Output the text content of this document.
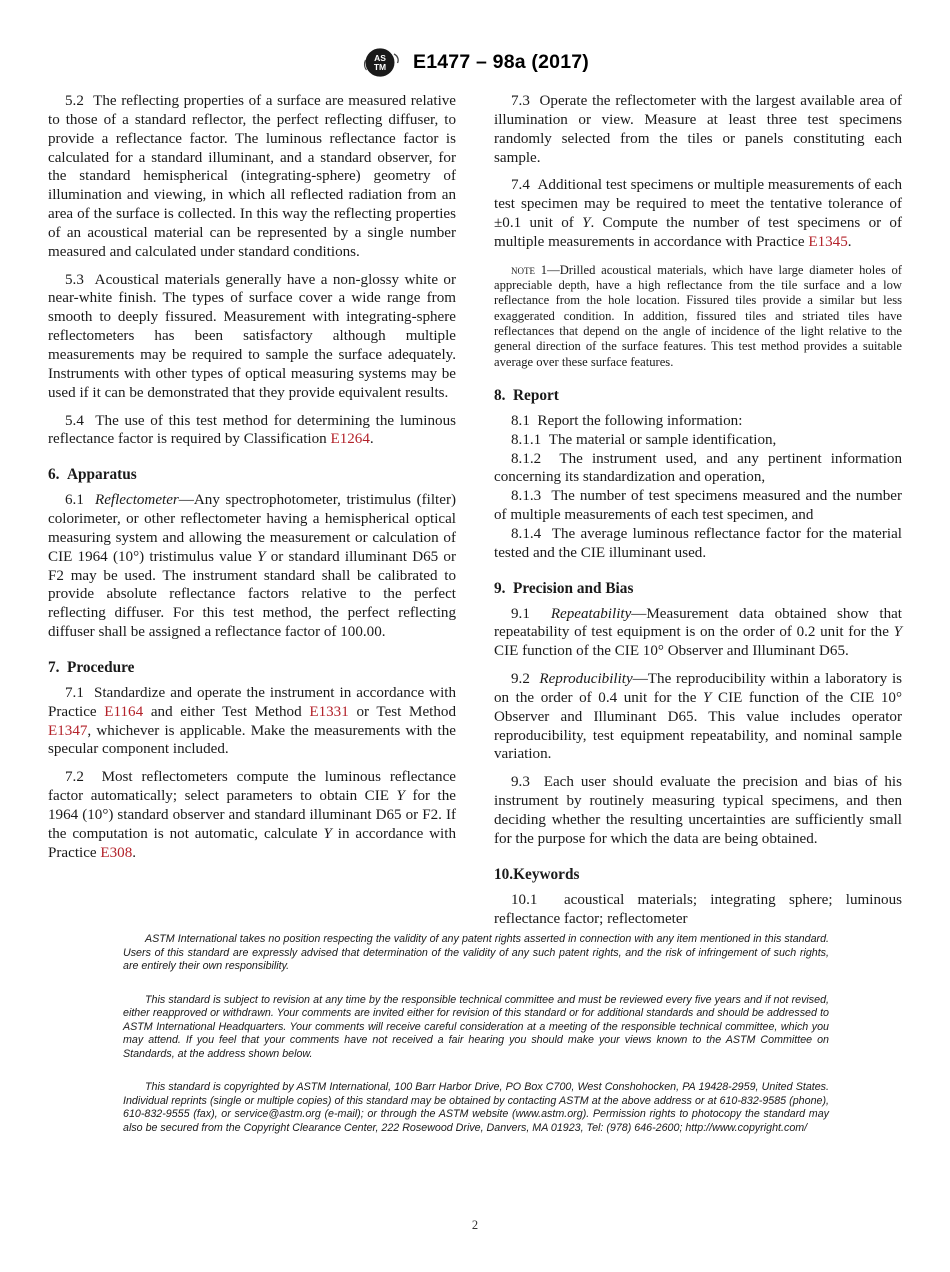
AS
TM E1477 – 98a (2017)

5.2 The reflecting properties of a surface are measured relative to those of a standard reflector, the perfect reflecting diffuser, to provide a reflectance factor. The luminous reflectance factor is calculated for a standard illuminant, and a standard observer, for the standard hemispherical (integrating-sphere) geometry of illumination and viewing, in which all reflected radiation from an area of the surface is collected. In this way the reflecting properties of an acoustical material can be represented by a single number measured and calculated under standard conditions.

5.3 Acoustical materials generally have a non-glossy white or near-white finish. The types of surface cover a wide range from smooth to deeply fissured. Measurement with integrating-sphere reflectometers has been satisfactory although multiple measurements may be required to sample the surface adequately. Instruments with other types of optical measuring systems may be used if it can be demonstrated that they provide equivalent results.

5.4 The use of this test method for determining the luminous reflectance factor is required by Classification E1264.

6. Apparatus

6.1 Reflectometer—Any spectrophotometer, tristimulus (filter) colorimeter, or other reflectometer having a hemispherical optical measuring system and allowing the measurement or calculation of CIE 1964 (10°) tristimulus value Y or standard illuminant D65 or F2 may be used. The instrument standard shall be calibrated to provide absolute reflectance factors relative to the perfect reflecting diffuser. For this test method, the perfect reflecting diffuser shall be assigned a reflectance factor of 100.00.

7. Procedure

7.1 Standardize and operate the instrument in accordance with Practice E1164 and either Test Method E1331 or Test Method E1347, whichever is applicable. Make the measurements with the specular component included.

7.2 Most reflectometers compute the luminous reflectance factor automatically; select parameters to obtain CIE Y for the 1964 (10°) standard observer and standard illuminant D65 or F2. If the computation is not automatic, calculate Y in accordance with Practice E308.

7.3 Operate the reflectometer with the largest available area of illumination or view. Measure at least three test specimens randomly selected from the tiles or panels constituting each sample.

7.4 Additional test specimens or multiple measurements of each test specimen may be required to meet the tentative tolerance of ±0.1 unit of Y. Compute the number of test specimens or of multiple measurements in accordance with Practice E1345.

note 1—Drilled acoustical materials, which have large diameter holes of appreciable depth, have a high reflectance from the tile surface and a low reflectance from the hole location. Fissured tiles provide a similar but less exaggerated condition. In addition, fissured tiles and striated tiles have reflectances that depend on the angle of incidence of the light relative to the general direction of the surface features. This test method provides a suitable average over these surface features.

8. Report

8.1 Report the following information:

8.1.1 The material or sample identification,

8.1.2 The instrument used, and any pertinent information concerning its standardization and operation,

8.1.3 The number of test specimens measured and the number of multiple measurements of each test specimen, and

8.1.4 The average luminous reflectance factor for the material tested and the CIE illuminant used.

9. Precision and Bias

9.1 Repeatability—Measurement data obtained show that repeatability of test equipment is on the order of 0.2 unit for the Y CIE function of the CIE 10° Observer and Illuminant D65.

9.2 Reproducibility—The reproducibility within a laboratory is on the order of 0.4 unit for the Y CIE function of the CIE 10° Observer and Illuminant D65. This value includes operator reproducibility, test equipment repeatability, and nominal sample variation.

9.3 Each user should evaluate the precision and bias of his instrument by routinely measuring typical specimens, and then deciding whether the resulting uncertainties are sufficiently small for the purpose for which the data are being obtained.

10.Keywords

10.1 acoustical materials; integrating sphere; luminous reflectance factor; reflectometer

ASTM International takes no position respecting the validity of any patent rights asserted in connection with any item mentioned in this standard. Users of this standard are expressly advised that determination of the validity of any such patent rights, and the risk of infringement of such rights, are entirely their own responsibility.

This standard is subject to revision at any time by the responsible technical committee and must be reviewed every five years and if not revised, either reapproved or withdrawn. Your comments are invited either for revision of this standard or for additional standards and should be addressed to ASTM International Headquarters. Your comments will receive careful consideration at a meeting of the responsible technical committee, which you may attend. If you feel that your comments have not received a fair hearing you should make your views known to the ASTM Committee on Standards, at the address shown below.

This standard is copyrighted by ASTM International, 100 Barr Harbor Drive, PO Box C700, West Conshohocken, PA 19428-2959, United States. Individual reprints (single or multiple copies) of this standard may be obtained by contacting ASTM at the above address or at 610-832-9585 (phone), 610-832-9555 (fax), or service@astm.org (e-mail); or through the ASTM website (www.astm.org). Permission rights to photocopy the standard may also be secured from the Copyright Clearance Center, 222 Rosewood Drive, Danvers, MA 01923, Tel: (978) 646-2600; http://www.copyright.com/

2
